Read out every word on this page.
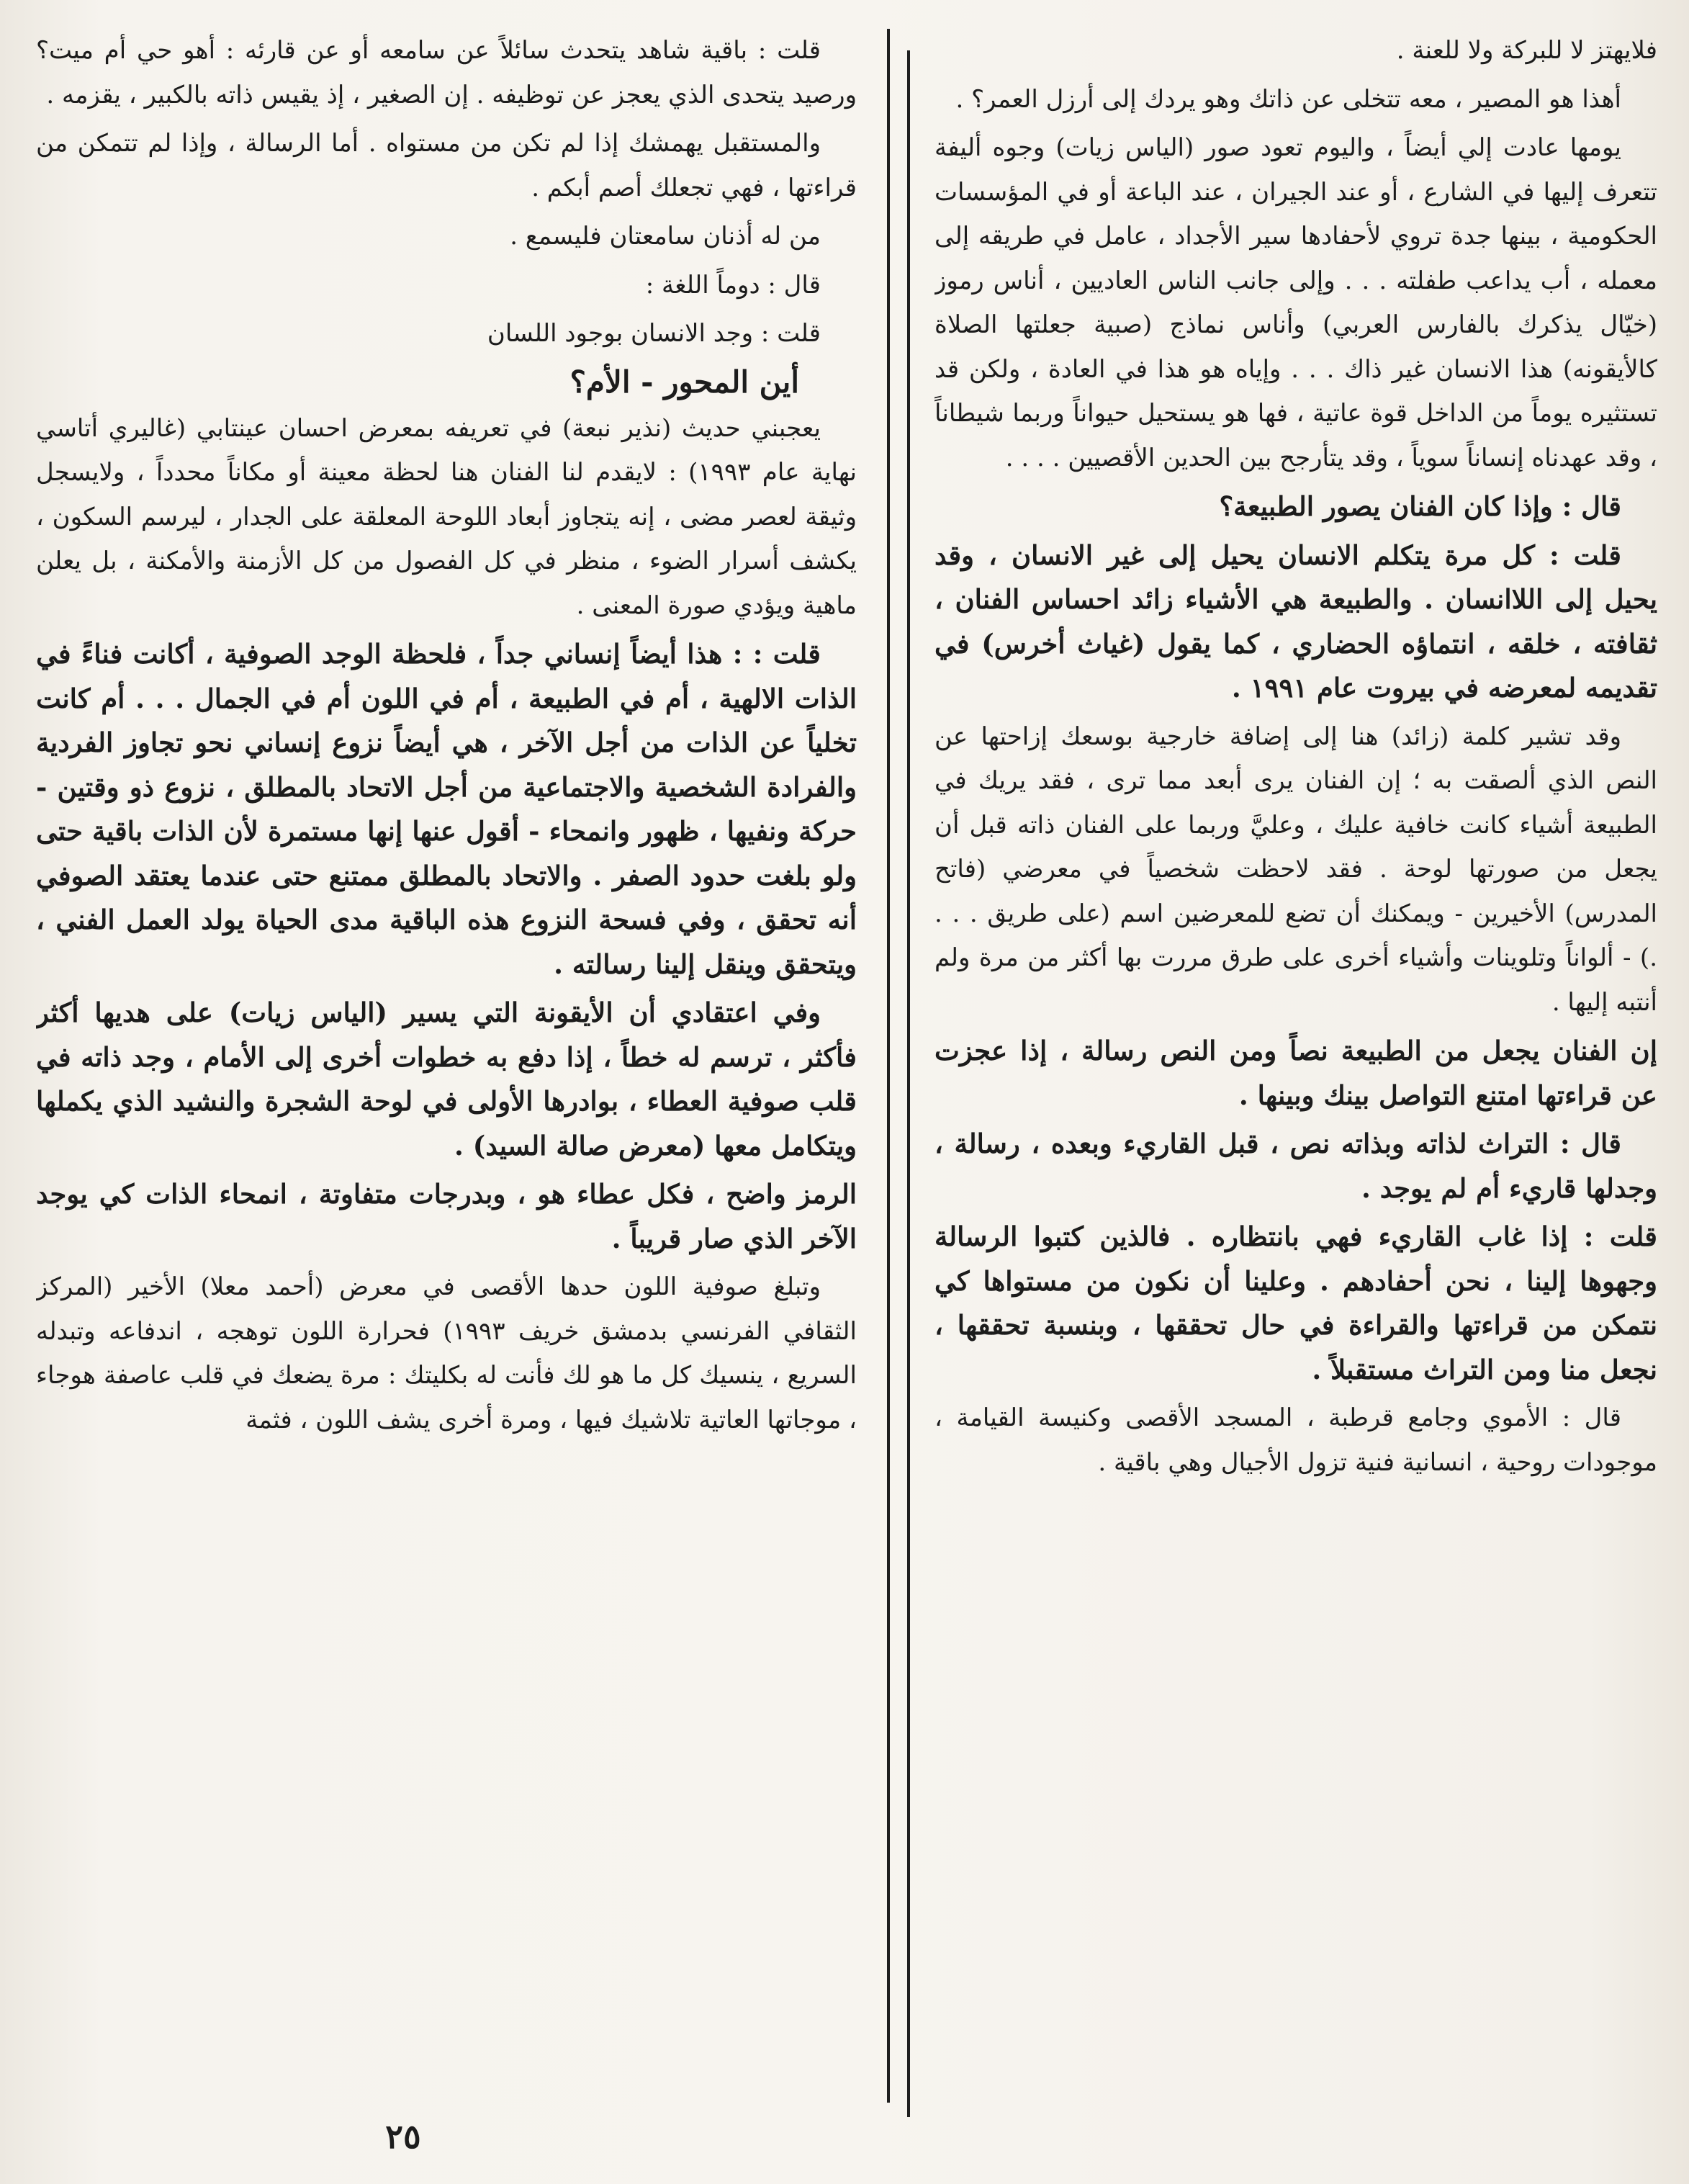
فلايهتز لا للبركة ولا للعنة .

أهذا هو المصير ، معه تتخلى عن ذاتك وهو يردك إلى أرزل العمر؟ .

يومها عادت إلي أيضاً ، واليوم تعود صور (الياس زيات) وجوه أليفة تتعرف إليها في الشارع ، أو عند الجيران ، عند الباعة أو في المؤسسات الحكومية ، بينها جدة تروي لأحفادها سير الأجداد ، عامل في طريقه إلى معمله ، أب يداعب طفلته . . . وإلى جانب الناس العاديين ، أناس رموز (خيّال يذكرك بالفارس العربي) وأناس نماذج (صبية جعلتها الصلاة كالأيقونه) هذا الانسان غير ذاك . . . وإياه هو هذا في العادة ، ولكن قد تستثيره يوماً من الداخل قوة عاتية ، فها هو يستحيل حيواناً وربما شيطاناً ، وقد عهدناه إنساناً سوياً ، وقد يتأرجح بين الحدين الأقصيين . . . .

قال : وإذا كان الفنان يصور الطبيعة؟

قلت : كل مرة يتكلم الانسان يحيل إلى غير الانسان ، وقد يحيل إلى اللاانسان . والطبيعة هي الأشياء زائد احساس الفنان ، ثقافته ، خلقه ، انتماؤه الحضاري ، كما يقول (غياث أخرس) في تقديمه لمعرضه في بيروت عام ١٩٩١ .

وقد تشير كلمة (زائد) هنا إلى إضافة خارجية بوسعك إزاحتها عن النص الذي ألصقت به ؛ إن الفنان يرى أبعد مما ترى ، فقد يريك في الطبيعة أشياء كانت خافية عليك ، وعليَّ وربما على الفنان ذاته قبل أن يجعل من صورتها لوحة . فقد لاحظت شخصياً في معرضي (فاتح المدرس) الأخيرين - ويمكنك أن تضع للمعرضين اسم (على طريق . . . .) - ألواناً وتلوينات وأشياء أخرى على طرق مررت بها أكثر من مرة ولم أنتبه إليها .

إن الفنان يجعل من الطبيعة نصاً ومن النص رسالة ، إذا عجزت عن قراءتها امتنع التواصل بينك وبينها .

قال : التراث لذاته وبذاته نص ، قبل القاريء وبعده ، رسالة ، وجدلها قاريء أم لم يوجد .

قلت : إذا غاب القاريء فهي بانتظاره . فالذين كتبوا الرسالة وجهوها إلينا ، نحن أحفادهم . وعلينا أن نكون من مستواها كي نتمكن من قراءتها والقراءة في حال تحققها ، وبنسبة تحققها ، نجعل منا ومن التراث مستقبلاً .

قال : الأموي وجامع قرطبة ، المسجد الأقصى وكنيسة القيامة ، موجودات روحية ، انسانية فنية تزول الأجيال وهي باقية .

قلت : باقية شاهد يتحدث سائلاً عن سامعه أو عن قارئه : أهو حي أم ميت؟ ورصيد يتحدى الذي يعجز عن توظيفه . إن الصغير ، إذ يقيس ذاته بالكبير ، يقزمه .

والمستقبل يهمشك إذا لم تكن من مستواه . أما الرسالة ، وإذا لم تتمكن من قراءتها ، فهي تجعلك أصم أبكم .

من له أذنان سامعتان فليسمع .

قال : دوماً اللغة :

قلت : وجد الانسان بوجود اللسان

أين المحور - الأم؟

يعجبني حديث (نذير نبعة) في تعريفه بمعرض احسان عينتابي (غاليري أتاسي نهاية عام ١٩٩٣) : لايقدم لنا الفنان هنا لحظة معينة أو مكاناً محدداً ، ولايسجل وثيقة لعصر مضى ، إنه يتجاوز أبعاد اللوحة المعلقة على الجدار ، ليرسم السكون ، يكشف أسرار الضوء ، منظر في كل الفصول من كل الأزمنة والأمكنة ، بل يعلن ماهية ويؤدي صورة المعنى .

قلت : : هذا أيضاً إنساني جداً ، فلحظة الوجد الصوفية ، أكانت فناءً في الذات الالهية ، أم في الطبيعة ، أم في اللون أم في الجمال . . . أم كانت تخلياً عن الذات من أجل الآخر ، هي أيضاً نزوع إنساني نحو تجاوز الفردية والفرادة الشخصية والاجتماعية من أجل الاتحاد بالمطلق ، نزوع ذو وقتين - حركة ونفيها ، ظهور وانمحاء - أقول عنها إنها مستمرة لأن الذات باقية حتى ولو بلغت حدود الصفر . والاتحاد بالمطلق ممتنع حتى عندما يعتقد الصوفي أنه تحقق ، وفي فسحة النزوع هذه الباقية مدى الحياة يولد العمل الفني ، ويتحقق وينقل إلينا رسالته .

وفي اعتقادي أن الأيقونة التي يسير (الياس زيات) على هديها أكثر فأكثر ، ترسم له خطاً ، إذا دفع به خطوات أخرى إلى الأمام ، وجد ذاته في قلب صوفية العطاء ، بوادرها الأولى في لوحة الشجرة والنشيد الذي يكملها ويتكامل معها (معرض صالة السيد) .

الرمز واضح ، فكل عطاء هو ، وبدرجات متفاوتة ، انمحاء الذات كي يوجد الآخر الذي صار قريباً .

وتبلغ صوفية اللون حدها الأقصى في معرض (أحمد معلا) الأخير (المركز الثقافي الفرنسي بدمشق خريف ١٩٩٣) فحرارة اللون توهجه ، اندفاعه وتبدله السريع ، ينسيك كل ما هو لك فأنت له بكليتك : مرة يضعك في قلب عاصفة هوجاء ، موجاتها العاتية تلاشيك فيها ، ومرة أخرى يشف اللون ، فثمة

٢٥
